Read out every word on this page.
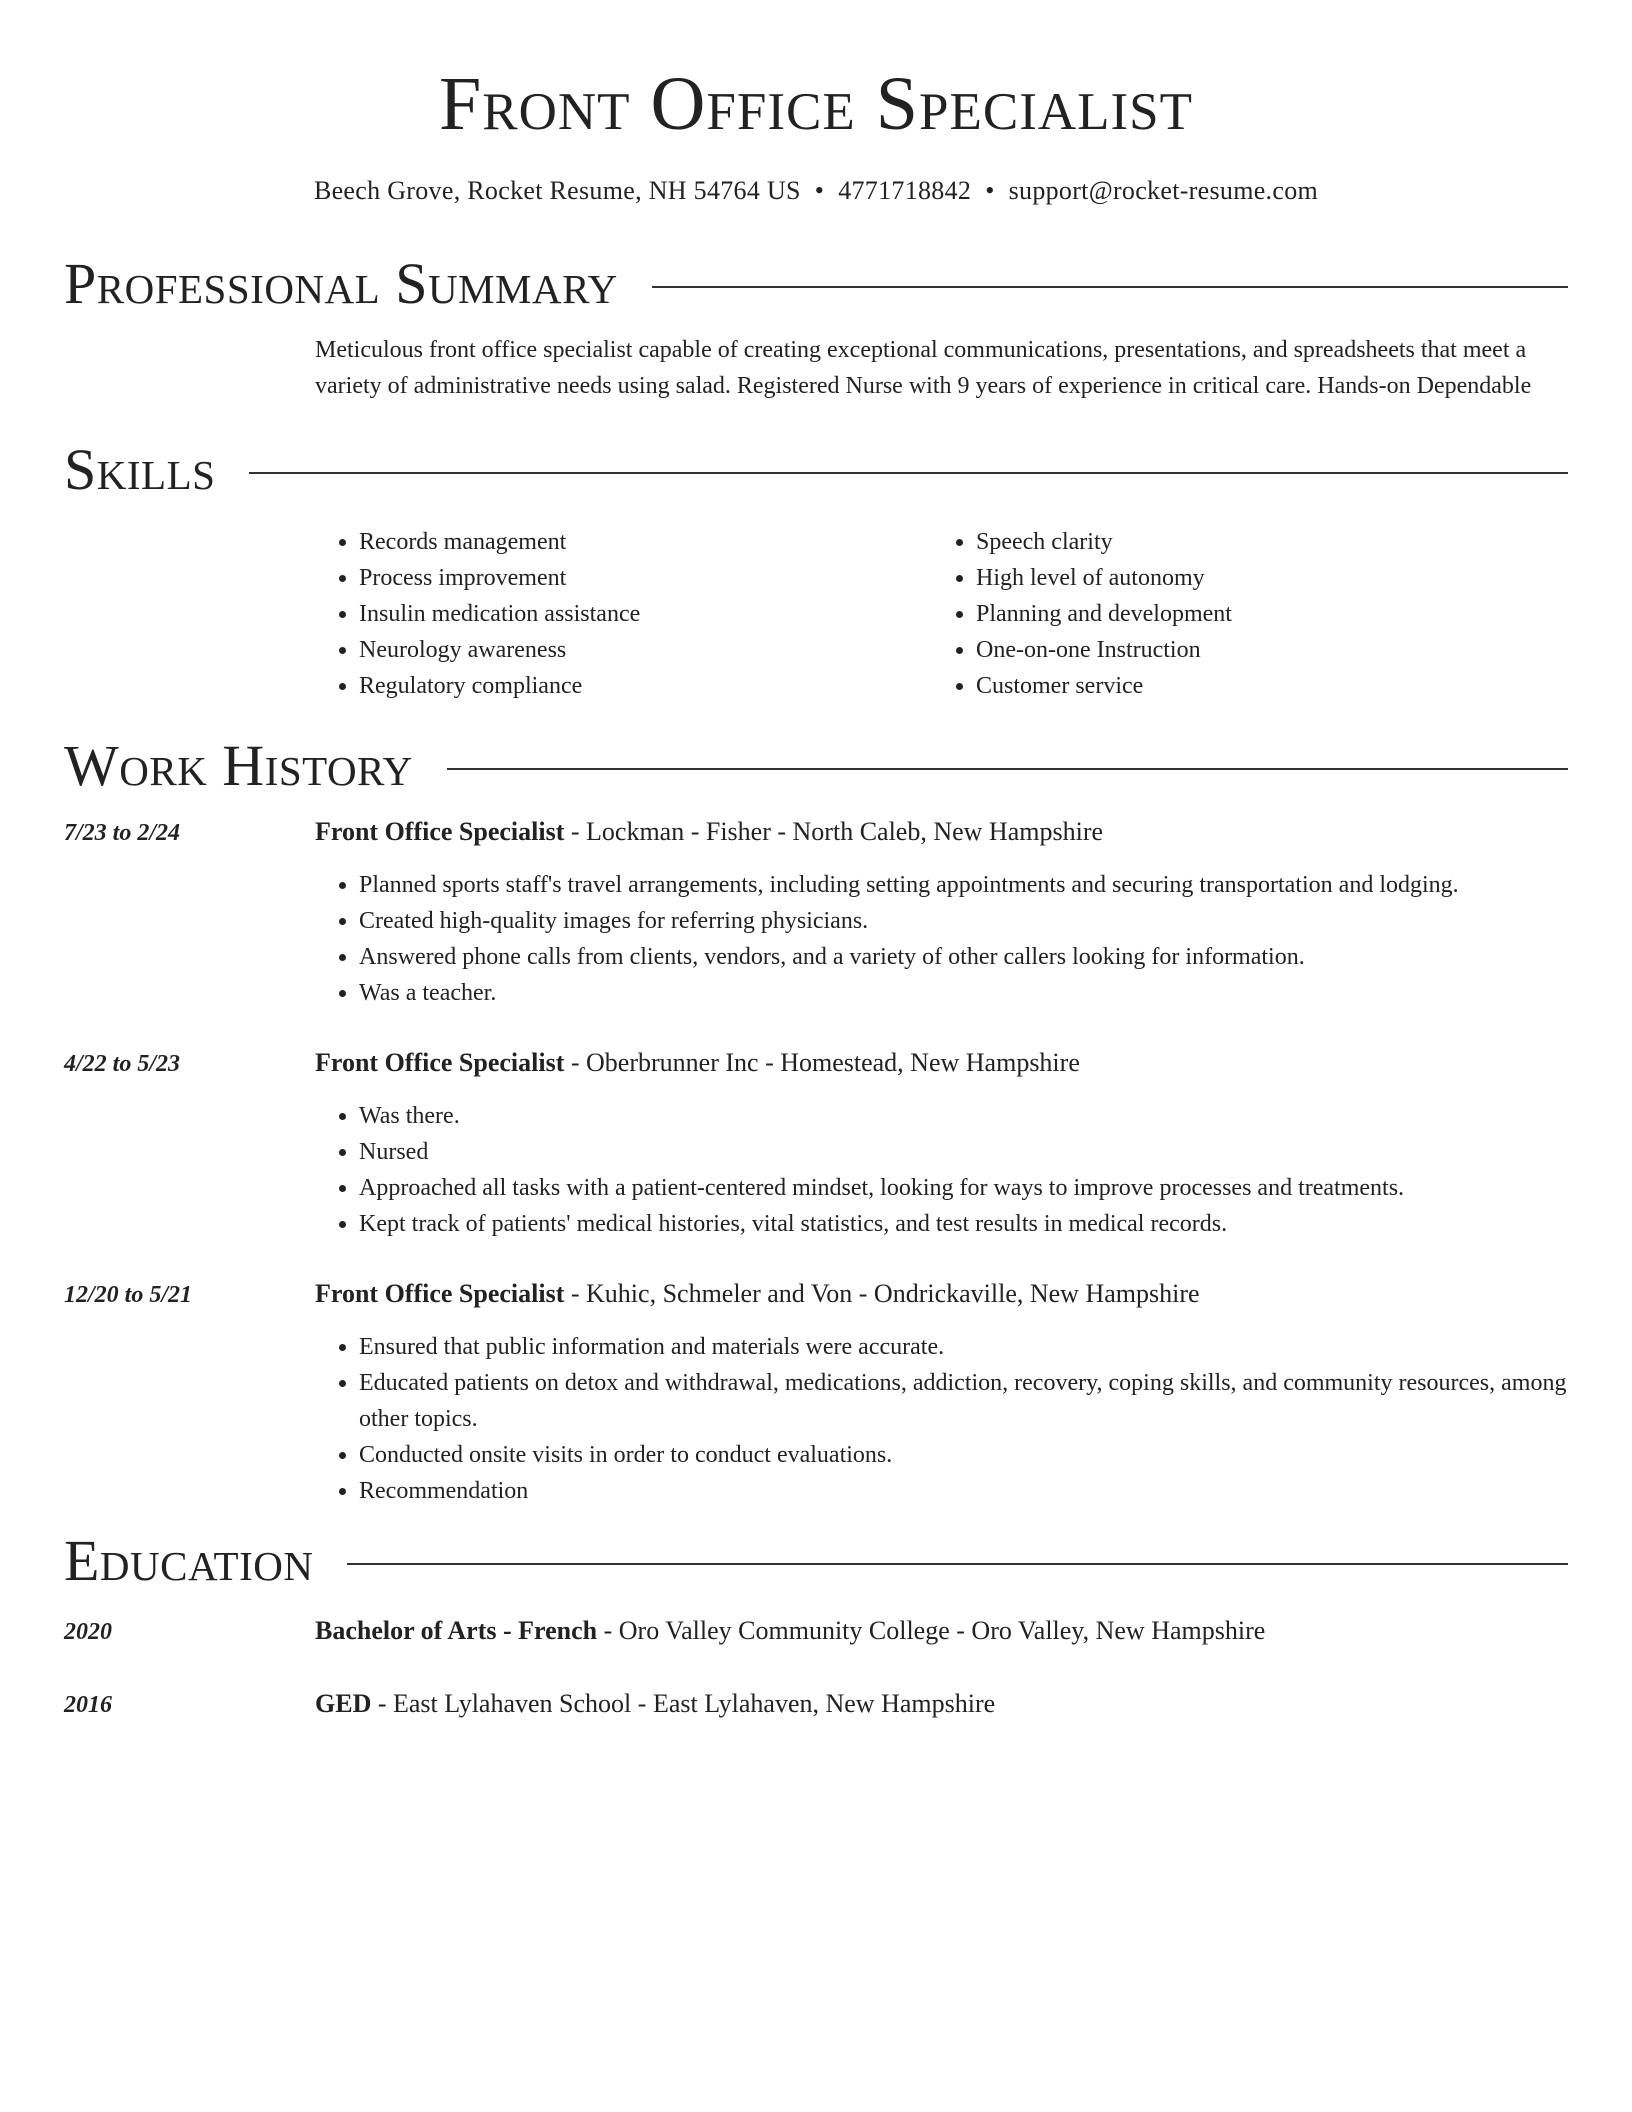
Front Office Specialist
Beech Grove, Rocket Resume, NH 54764 US • 4771718842 • support@rocket-resume.com
Professional Summary
Meticulous front office specialist capable of creating exceptional communications, presentations, and spreadsheets that meet a variety of administrative needs using salad. Registered Nurse with 9 years of experience in critical care. Hands-on Dependable
Skills
• Records management
• Process improvement
• Insulin medication assistance
• Neurology awareness
• Regulatory compliance
• Speech clarity
• High level of autonomy
• Planning and development
• One-on-one Instruction
• Customer service
Work History
7/23 to 2/24	Front Office Specialist - Lockman - Fisher - North Caleb, New Hampshire
• Planned sports staff's travel arrangements, including setting appointments and securing transportation and lodging.
• Created high-quality images for referring physicians.
• Answered phone calls from clients, vendors, and a variety of other callers looking for information.
• Was a teacher.
4/22 to 5/23	Front Office Specialist - Oberbrunner Inc - Homestead, New Hampshire
• Was there.
• Nursed
• Approached all tasks with a patient-centered mindset, looking for ways to improve processes and treatments.
• Kept track of patients' medical histories, vital statistics, and test results in medical records.
12/20 to 5/21	Front Office Specialist - Kuhic, Schmeler and Von - Ondrickaville, New Hampshire
• Ensured that public information and materials were accurate.
• Educated patients on detox and withdrawal, medications, addiction, recovery, coping skills, and community resources, among other topics.
• Conducted onsite visits in order to conduct evaluations.
• Recommendation
Education
2020	Bachelor of Arts - French - Oro Valley Community College - Oro Valley, New Hampshire
2016	GED - East Lylahaven School - East Lylahaven, New Hampshire
